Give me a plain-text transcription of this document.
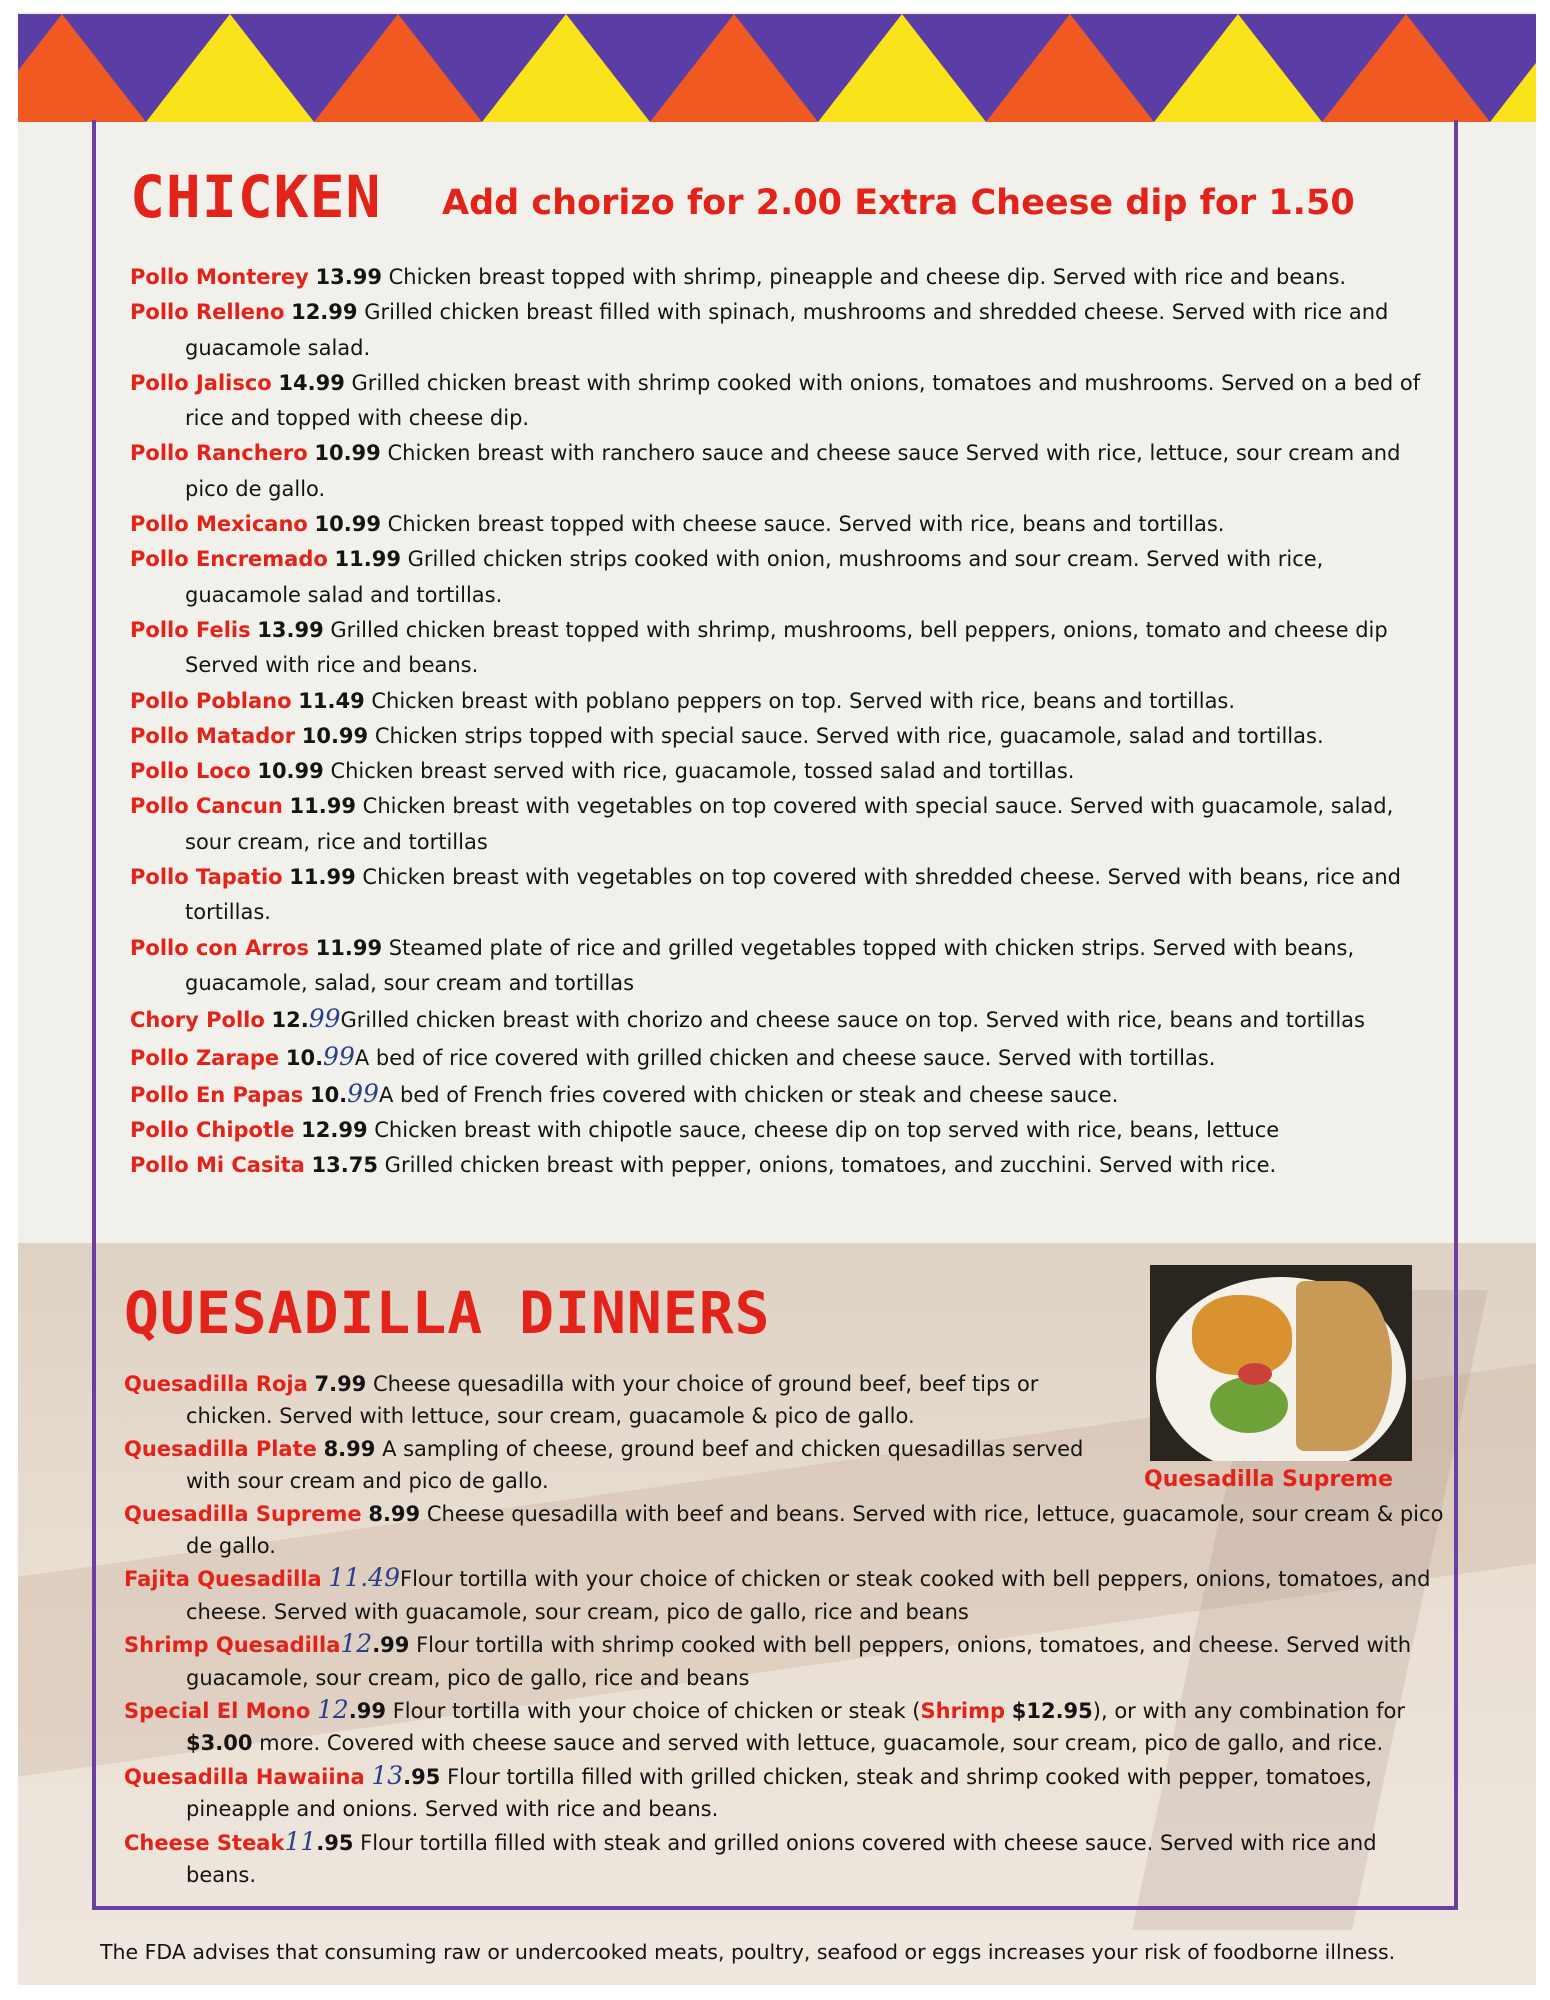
CHICKEN Add chorizo for 2.00 Extra Cheese dip for 1.50

Pollo Monterey 13.99 Chicken breast topped with shrimp, pineapple and cheese dip. Served with rice and beans.
Pollo Relleno 12.99 Grilled chicken breast filled with spinach, mushrooms and shredded cheese. Served with rice and guacamole salad.
Pollo Jalisco 14.99 Grilled chicken breast with shrimp cooked with onions, tomatoes and mushrooms. Served on a bed of rice and topped with cheese dip.
Pollo Ranchero 10.99 Chicken breast with ranchero sauce and cheese sauce Served with rice, lettuce, sour cream and pico de gallo.
Pollo Mexicano 10.99 Chicken breast topped with cheese sauce. Served with rice, beans and tortillas.
Pollo Encremado 11.99 Grilled chicken strips cooked with onion, mushrooms and sour cream. Served with rice, guacamole salad and tortillas.
Pollo Felis 13.99 Grilled chicken breast topped with shrimp, mushrooms, bell peppers, onions, tomato and cheese dip Served with rice and beans.
Pollo Poblano 11.49 Chicken breast with poblano peppers on top. Served with rice, beans and tortillas.
Pollo Matador 10.99 Chicken strips topped with special sauce. Served with rice, guacamole, salad and tortillas.
Pollo Loco 10.99 Chicken breast served with rice, guacamole, tossed salad and tortillas.
Pollo Cancun 11.99 Chicken breast with vegetables on top covered with special sauce. Served with guacamole, salad, sour cream, rice and tortillas
Pollo Tapatio 11.99 Chicken breast with vegetables on top covered with shredded cheese. Served with beans, rice and tortillas.
Pollo con Arros 11.99 Steamed plate of rice and grilled vegetables topped with chicken strips. Served with beans, guacamole, salad, sour cream and tortillas
Chory Pollo 12.99Grilled chicken breast with chorizo and cheese sauce on top. Served with rice, beans and tortillas
Pollo Zarape 10.99A bed of rice covered with grilled chicken and cheese sauce. Served with tortillas.
Pollo En Papas 10.99A bed of French fries covered with chicken or steak and cheese sauce.
Pollo Chipotle 12.99 Chicken breast with chipotle sauce, cheese dip on top served with rice, beans, lettuce
Pollo Mi Casita 13.75 Grilled chicken breast with pepper, onions, tomatoes, and zucchini. Served with rice.
QUESADILLA DINNERS

Quesadilla Supreme

Quesadilla Roja 7.99 Cheese quesadilla with your choice of ground beef, beef tips or chicken. Served with lettuce, sour cream, guacamole & pico de gallo.
Quesadilla Plate 8.99 A sampling of cheese, ground beef and chicken quesadillas served with sour cream and pico de gallo.
Quesadilla Supreme 8.99 Cheese quesadilla with beef and beans. Served with rice, lettuce, guacamole, sour cream & pico de gallo.
Fajita Quesadilla 11.49Flour tortilla with your choice of chicken or steak cooked with bell peppers, onions, tomatoes, and cheese. Served with guacamole, sour cream, pico de gallo, rice and beans
Shrimp Quesadilla12.99 Flour tortilla with shrimp cooked with bell peppers, onions, tomatoes, and cheese. Served with guacamole, sour cream, pico de gallo, rice and beans
Special El Mono 12.99 Flour tortilla with your choice of chicken or steak (Shrimp $12.95), or with any combination for $3.00 more. Covered with cheese sauce and served with lettuce, guacamole, sour cream, pico de gallo, and rice.
Quesadilla Hawaiina 13.95 Flour tortilla filled with grilled chicken, steak and shrimp cooked with pepper, tomatoes, pineapple and onions. Served with rice and beans.
Cheese Steak11.95 Flour tortilla filled with steak and grilled onions covered with cheese sauce. Served with rice and beans.

The FDA advises that consuming raw or undercooked meats, poultry, seafood or eggs increases your risk of foodborne illness.
